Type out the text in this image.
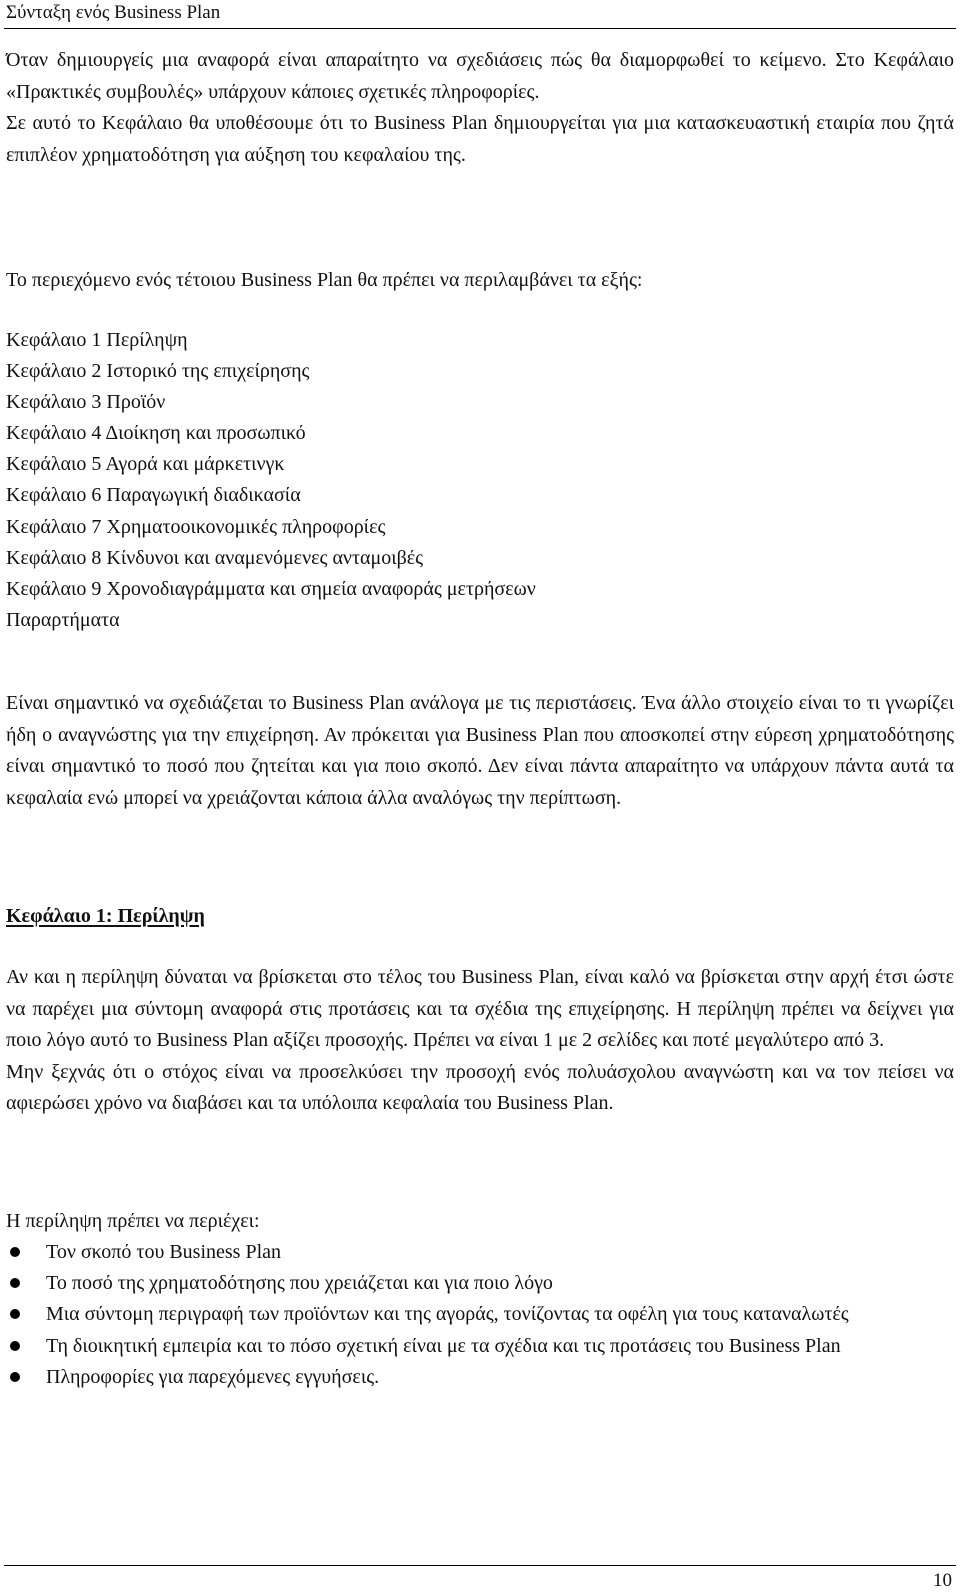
Σύνταξη ενός Business Plan

Όταν δημιουργείς μια αναφορά είναι απαραίτητο να σχεδιάσεις πώς θα διαμορφωθεί το κείμενο. Στο Κεφάλαιο «Πρακτικές συμβουλές» υπάρχουν κάποιες σχετικές πληροφορίες.

Σε αυτό το Κεφάλαιο θα υποθέσουμε ότι το Business Plan δημιουργείται για μια κατασκευαστική εταιρία που ζητά επιπλέον χρηματοδότηση για αύξηση του κεφαλαίου της.

Το περιεχόμενο ενός τέτοιου Business Plan θα πρέπει να περιλαμβάνει τα εξής:

Κεφάλαιο 1 Περίληψη
Κεφάλαιο 2 Ιστορικό της επιχείρησης
Κεφάλαιο 3 Προϊόν
Κεφάλαιο 4 Διοίκηση και προσωπικό
Κεφάλαιο 5 Αγορά και μάρκετινγκ
Κεφάλαιο 6 Παραγωγική διαδικασία
Κεφάλαιο 7 Χρηματοοικονομικές πληροφορίες
Κεφάλαιο 8 Κίνδυνοι και αναμενόμενες ανταμοιβές
Κεφάλαιο 9 Χρονοδιαγράμματα και σημεία αναφοράς μετρήσεων
Παραρτήματα

Είναι σημαντικό να σχεδιάζεται το Business Plan ανάλογα με τις περιστάσεις. Ένα άλλο στοιχείο είναι το τι γνωρίζει ήδη ο αναγνώστης για την επιχείρηση. Αν πρόκειται για Business Plan που αποσκοπεί στην εύρεση χρηματοδότησης είναι σημαντικό το ποσό που ζητείται και για ποιο σκοπό. Δεν είναι πάντα απαραίτητο να υπάρχουν πάντα αυτά τα κεφαλαία ενώ μπορεί να χρειάζονται κάποια άλλα αναλόγως την περίπτωση.

Κεφάλαιο 1: Περίληψη

Αν και η περίληψη δύναται να βρίσκεται στο τέλος του Business Plan, είναι καλό να βρίσκεται στην αρχή έτσι ώστε να παρέχει μια σύντομη αναφορά στις προτάσεις και τα σχέδια της επιχείρησης. Η περίληψη πρέπει να δείχνει για ποιο λόγο αυτό το Business Plan αξίζει προσοχής. Πρέπει να είναι 1 με 2 σελίδες και ποτέ μεγαλύτερο από 3.

Μην ξεχνάς ότι ο στόχος είναι να προσελκύσει την προσοχή ενός πολυάσχολου αναγνώστη και να τον πείσει να αφιερώσει χρόνο να διαβάσει και τα υπόλοιπα κεφαλαία του Business Plan.

Η περίληψη πρέπει να περιέχει:

Τον σκοπό του Business Plan
Το ποσό της χρηματοδότησης που χρειάζεται και για ποιο λόγο
Μια σύντομη περιγραφή των προϊόντων και της αγοράς, τονίζοντας τα οφέλη για τους καταναλωτές
Τη διοικητική εμπειρία και το πόσο σχετική είναι με τα σχέδια και τις προτάσεις του Business Plan
Πληροφορίες για παρεχόμενες εγγυήσεις.
10
